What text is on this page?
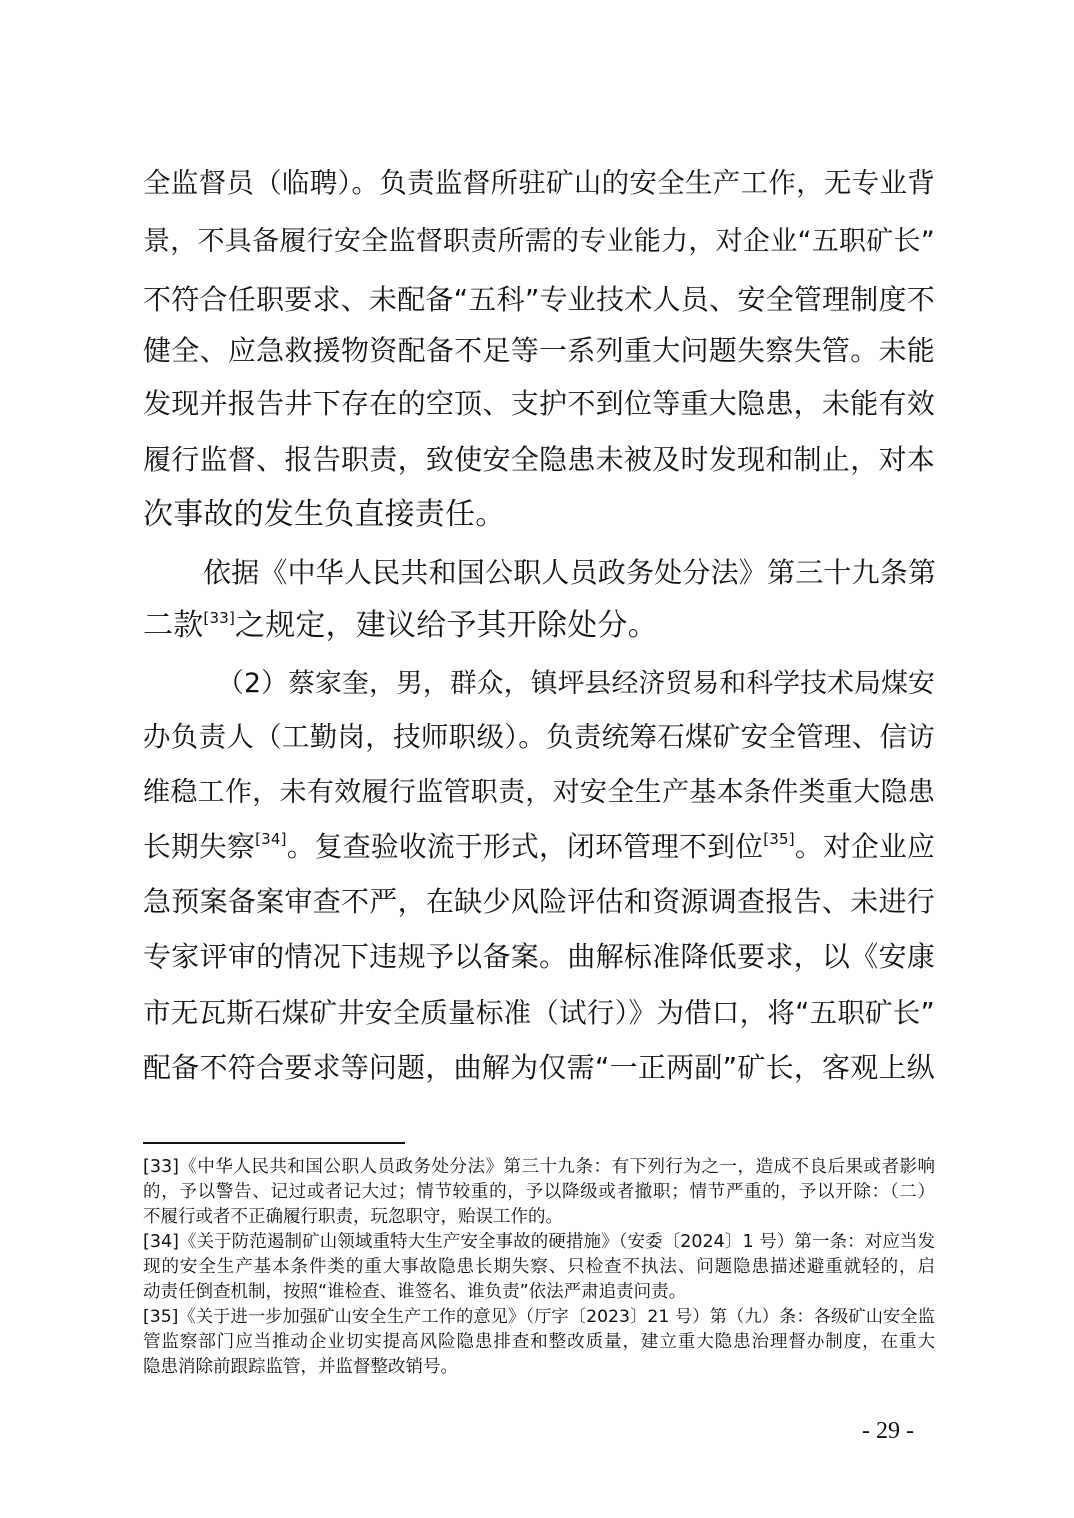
全监督员（临聘）。负责监督所驻矿山的安全生产工作，无专业背
景，不具备履行安全监督职责所需的专业能力，对企业“五职矿长”
不符合任职要求、未配备“五科”专业技术人员、安全管理制度不
健全、应急救援物资配备不足等一系列重大问题失察失管。未能
发现并报告井下存在的空顶、支护不到位等重大隐患，未能有效
履行监督、报告职责，致使安全隐患未被及时发现和制止，对本
次事故的发生负直接责任。
依据《中华人民共和国公职人员政务处分法》第三十九条第
二款[33]之规定，建议给予其开除处分。
（2）蔡家奎，男，群众，镇坪县经济贸易和科学技术局煤安
办负责人（工勤岗，技师职级）。负责统筹石煤矿安全管理、信访
维稳工作，未有效履行监管职责，对安全生产基本条件类重大隐患
长期失察[34]。复查验收流于形式，闭环管理不到位[35]。对企业应
急预案备案审查不严，在缺少风险评估和资源调查报告、未进行
专家评审的情况下违规予以备案。曲解标准降低要求，以《安康
市无瓦斯石煤矿井安全质量标准（试行）》为借口，将“五职矿长”
配备不符合要求等问题，曲解为仅需“一正两副”矿长，客观上纵
[33]《中华人民共和国公职人员政务处分法》第三十九条：有下列行为之一，造成不良后果或者影响
的，予以警告、记过或者记大过；情节较重的，予以降级或者撤职；情节严重的，予以开除：（二）
不履行或者不正确履行职责，玩忽职守，贻误工作的。
[34]《关于防范遏制矿山领域重特大生产安全事故的硬措施》（安委〔2024〕1 号）第一条：对应当发
现的安全生产基本条件类的重大事故隐患长期失察、只检查不执法、问题隐患描述避重就轻的，启
动责任倒查机制，按照“谁检查、谁签名、谁负责”依法严肃追责问责。
[35]《关于进一步加强矿山安全生产工作的意见》（厅字〔2023〕21 号）第（九）条：各级矿山安全监
管监察部门应当推动企业切实提高风险隐患排查和整改质量，建立重大隐患治理督办制度，在重大
隐患消除前跟踪监管，并监督整改销号。
- 29 -
